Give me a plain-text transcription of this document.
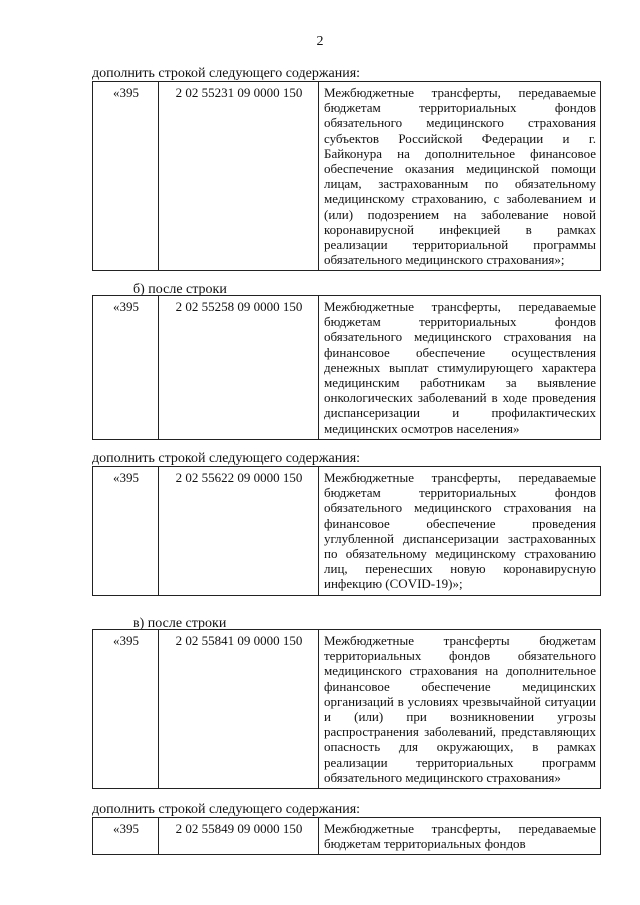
2
дополнить строкой следующего содержания:
«395	2 02 55231 09 0000 150	Межбюджетные трансферты, передаваемые
бюджетам территориальных фондов
обязательного медицинского страхования
субъектов Российской Федерации и г.
Байконура на дополнительное финансовое
обеспечение оказания медицинской помощи
лицам, застрахованным по обязательному
медицинскому страхованию, с заболеванием и
(или) подозрением на заболевание новой
коронавирусной инфекцией в рамках
реализации территориальной программы
обязательного медицинского страхования»;
б) после строки
«395	2 02 55258 09 0000 150	Межбюджетные трансферты, передаваемые
бюджетам территориальных фондов
обязательного медицинского страхования на
финансовое обеспечение осуществления
денежных выплат стимулирующего характера
медицинским работникам за выявление
онкологических заболеваний в ходе проведения
диспансеризации и профилактических
медицинских осмотров населения»
дополнить строкой следующего содержания:
«395	2 02 55622 09 0000 150	Межбюджетные трансферты, передаваемые
бюджетам территориальных фондов
обязательного медицинского страхования на
финансовое обеспечение проведения
углубленной диспансеризации застрахованных
по обязательному медицинскому страхованию
лиц, перенесших новую коронавирусную
инфекцию (COVID-19)»;
в) после строки
«395	2 02 55841 09 0000 150	Межбюджетные трансферты бюджетам
территориальных фондов обязательного
медицинского страхования на дополнительное
финансовое обеспечение медицинских
организаций в условиях чрезвычайной ситуации
и (или) при возникновении угрозы
распространения заболеваний, представляющих
опасность для окружающих, в рамках
реализации территориальных программ
обязательного медицинского страхования»
дополнить строкой следующего содержания:
«395	2 02 55849 09 0000 150	Межбюджетные трансферты, передаваемые
бюджетам территориальных фондов
